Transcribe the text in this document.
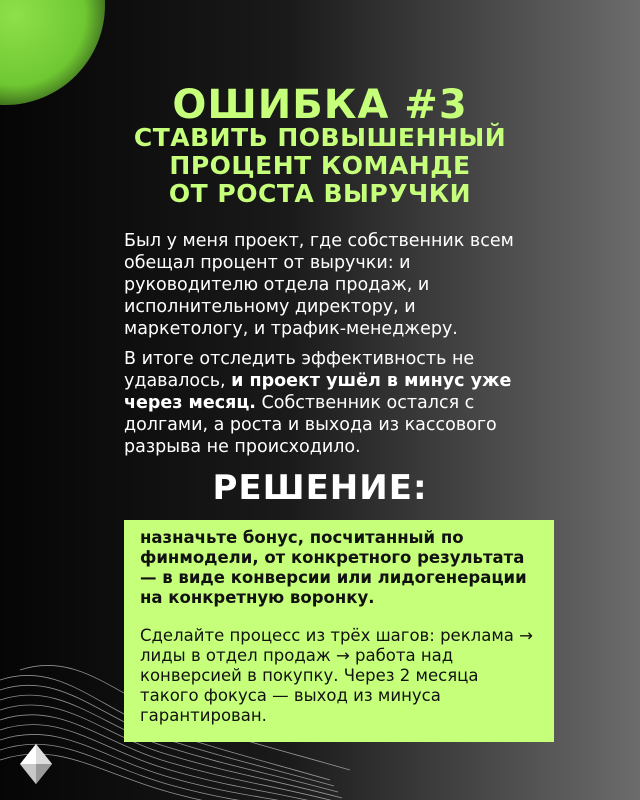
ОШИБКА #3
СТАВИТЬ ПОВЫШЕННЫЙ
ПРОЦЕНТ КОМАНДЕ
ОТ РОСТА ВЫРУЧКИ
Был у меня проект, где собственник всем обещал процент от выручки: и руководителю отдела продаж, и исполнительному директору, и маркетологу, и трафик-менеджеру.
В итоге отследить эффективность не удавалось, и проект ушёл в минус уже через месяц. Собственник остался с долгами, а роста и выхода из кассового разрыва не происходило.
РЕШЕНИЕ:
назначьте бонус, посчитанный по финмодели, от конкретного результата — в виде конверсии или лидогенерации на конкретную воронку.
Сделайте процесс из трёх шагов: реклама → лиды в отдел продаж → работа над конверсией в покупку. Через 2 месяца такого фокуса — выход из минуса гарантирован.
